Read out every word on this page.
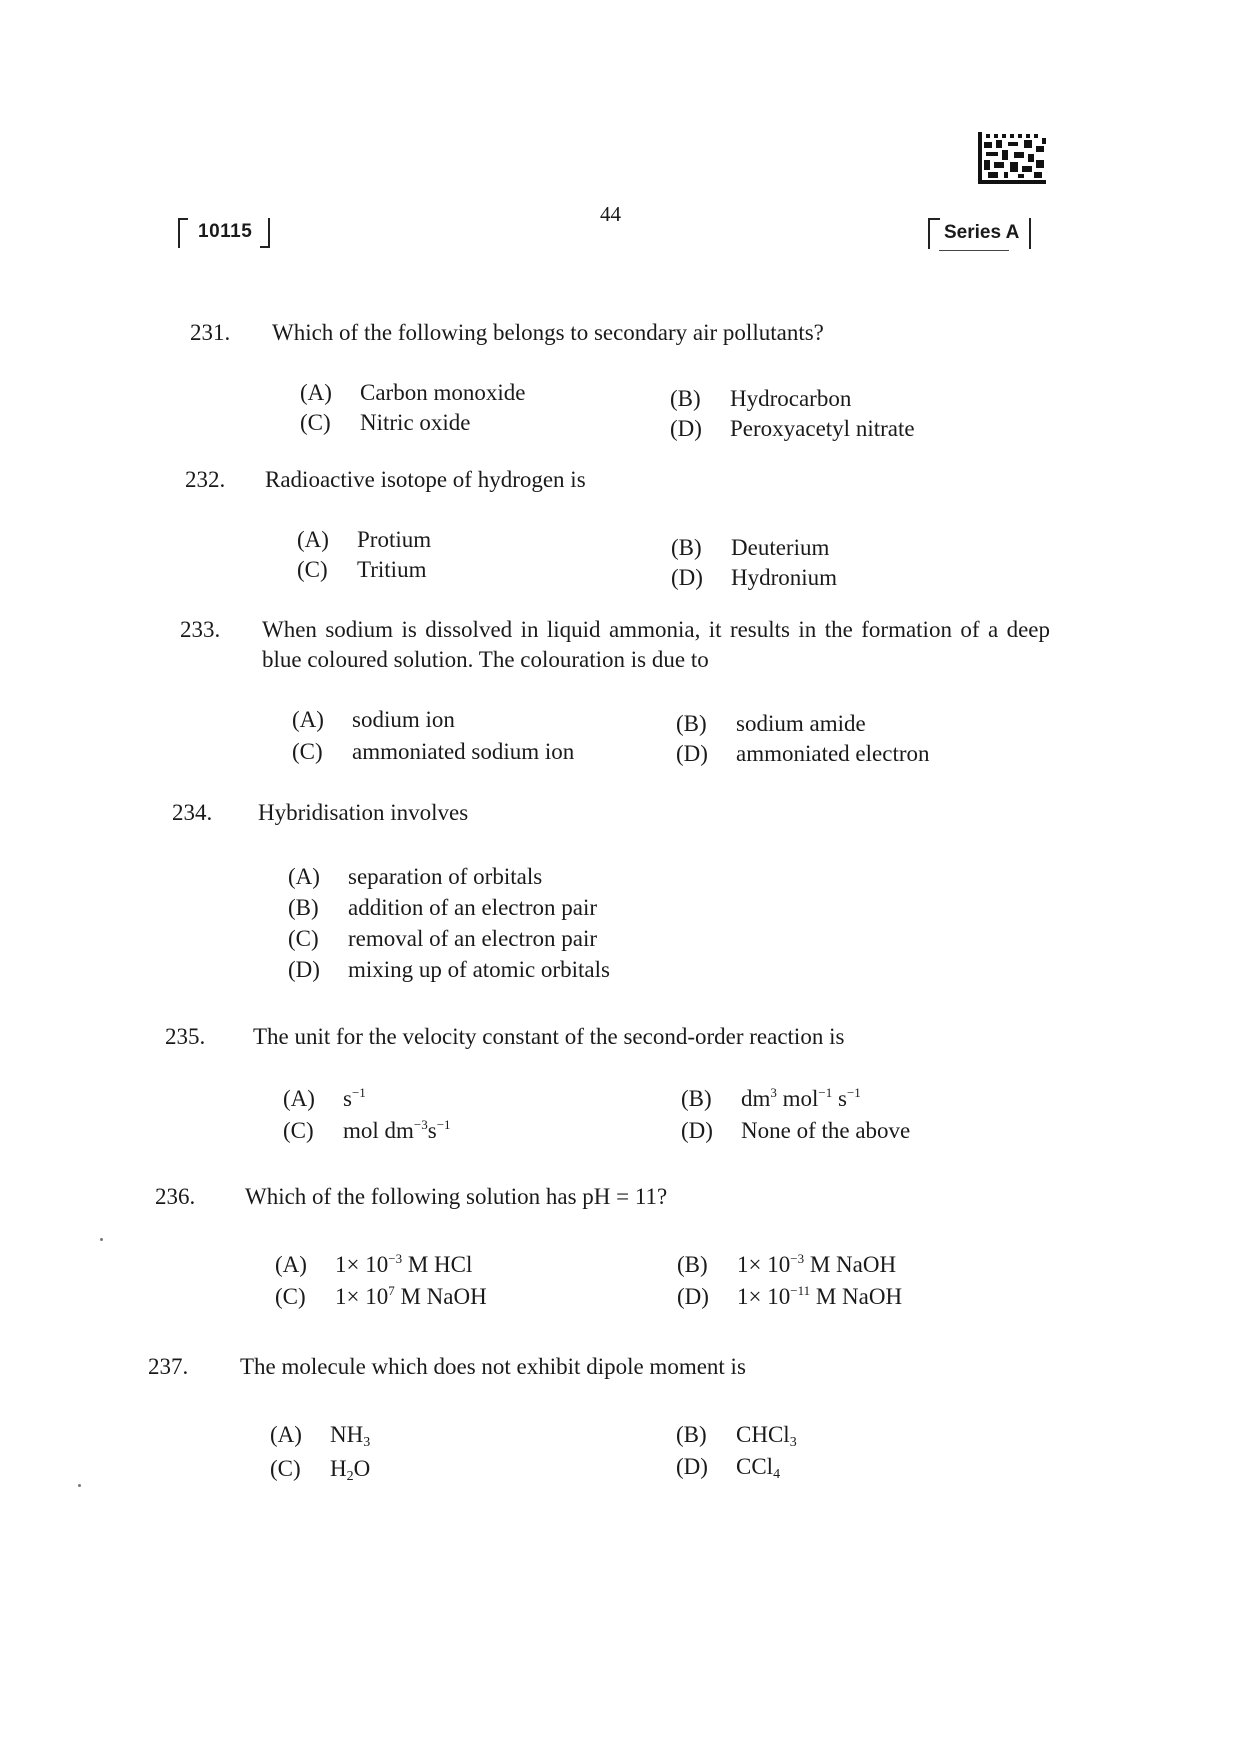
10115
44
Series A
231. Which of the following belongs to secondary air pollutants?
(A) Carbon monoxide	(B) Hydrocarbon
(C) Nitric oxide	(D) Peroxyacetyl nitrate
232. Radioactive isotope of hydrogen is
(A) Protium	(B) Deuterium
(C) Tritium	(D) Hydronium
233. When sodium is dissolved in liquid ammonia, it results in the formation of a deep blue coloured solution. The colouration is due to
(A) sodium ion	(B) sodium amide
(C) ammoniated sodium ion	(D) ammoniated electron
234. Hybridisation involves
(A) separation of orbitals
(B) addition of an electron pair
(C) removal of an electron pair
(D) mixing up of atomic orbitals
235. The unit for the velocity constant of the second-order reaction is
(A) $s^{-1}$	(B) $dm^3$ mol$^{-1}$ $s^{-1}$
(C) mol $dm^{-3}s^{-1}$	(D) None of the above
236. Which of the following solution has pH = 11?
(A) $1\times 10^{-3}$ M HCl	(B) $1\times 10^{-3}$ M NaOH
(C) $1\times 10^7$ M NaOH	(D) $1\times 10^{-11}$ M NaOH
237. The molecule which does not exhibit dipole moment is
(A) $NH_3$	(B) CHCl$_3$
(C) $H_2O$	(D) CCl$_4$
